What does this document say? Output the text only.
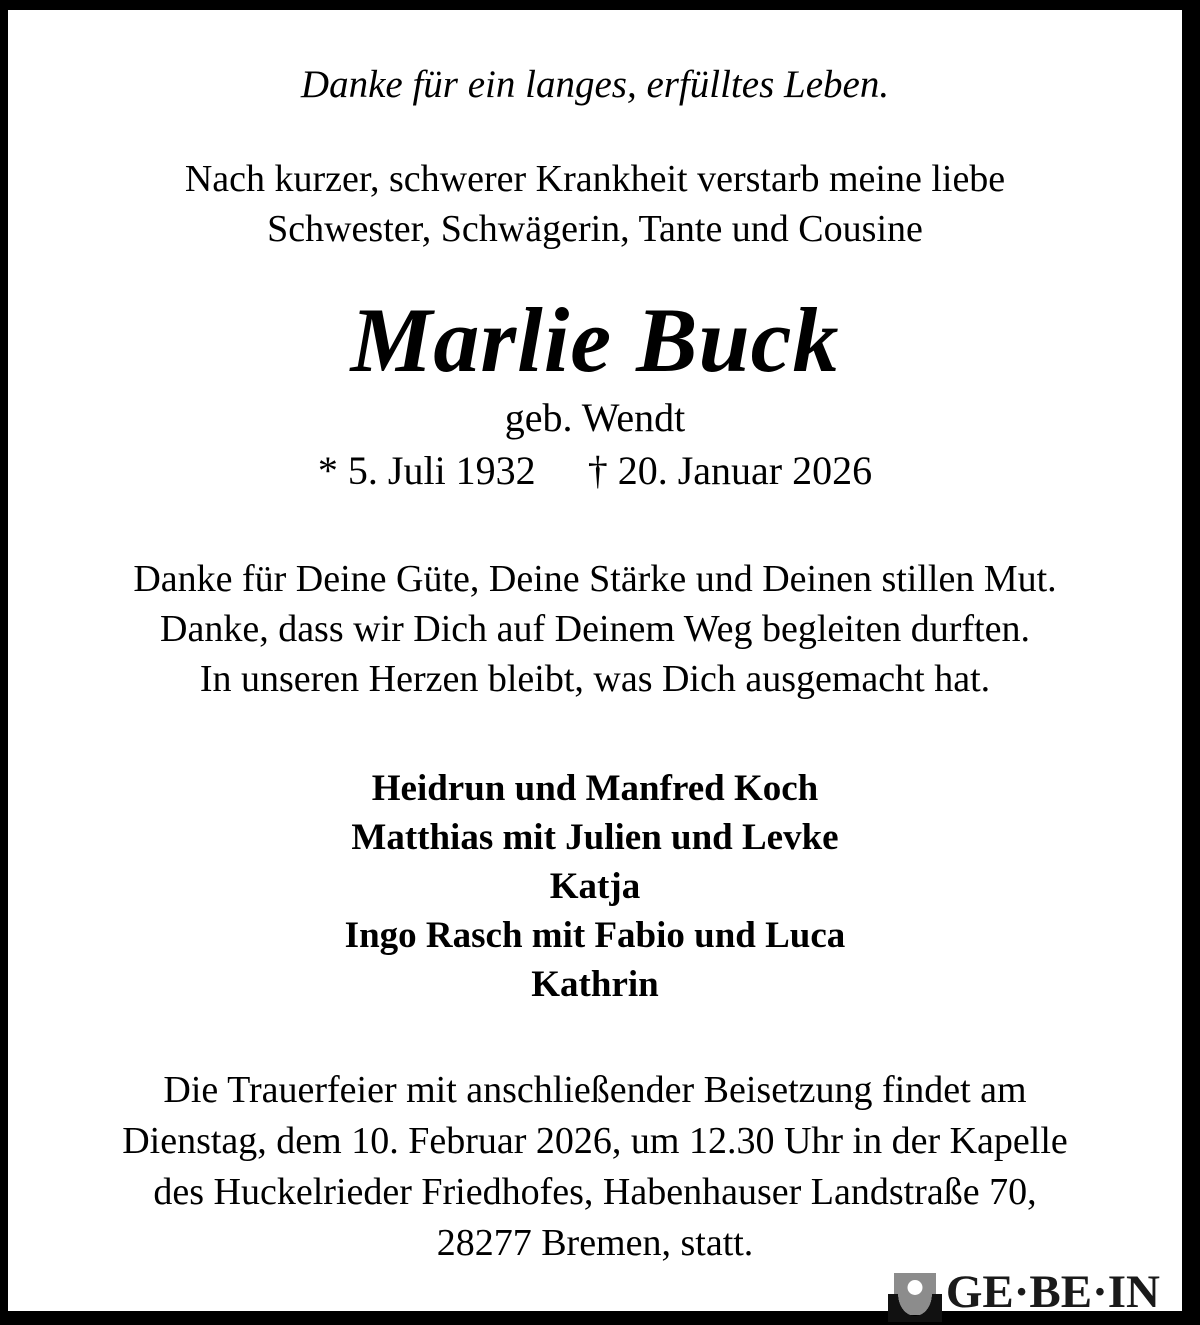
Danke für ein langes, erfülltes Leben.

Nach kurzer, schwerer Krankheit verstarb meine liebe
Schwester, Schwägerin, Tante und Cousine

Marlie Buck

geb. Wendt

* 5. Juli 1932 † 20. Januar 2026

Danke für Deine Güte, Deine Stärke und Deinen stillen Mut.
Danke, dass wir Dich auf Deinem Weg begleiten durften.
In unseren Herzen bleibt, was Dich ausgemacht hat.

Heidrun und Manfred Koch
Matthias mit Julien und Levke
Katja
Ingo Rasch mit Fabio und Luca
Kathrin

Die Trauerfeier mit anschließender Beisetzung findet am
Dienstag, dem 10. Februar 2026, um 12.30 Uhr in der Kapelle
des Huckelrieder Friedhofes, Habenhauser Landstraße 70,
28277 Bremen, statt.

GE·BE·IN
